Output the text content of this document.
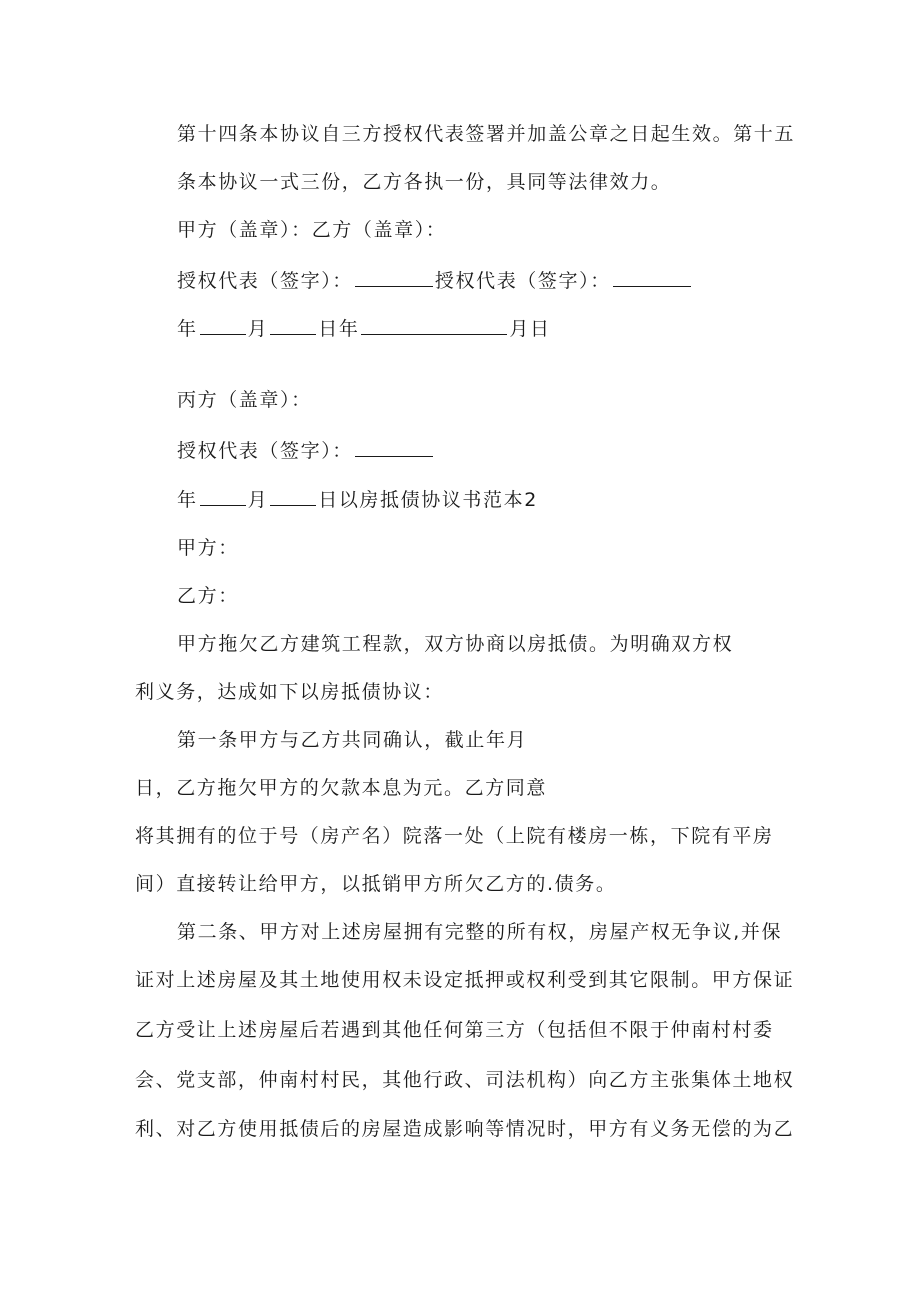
第十四条本协议自三方授权代表签署并加盖公章之日起生效。第十五
条本协议一式三份，乙方各执一份，具同等法律效力。
甲方（盖章）：乙方（盖章）：
授权代表（签字）：	授权代表（签字）：
年	月	日年	月日
丙方（盖章）：
授权代表（签字）：
年	月	日以房抵债协议书范本2
甲方：
乙方：
甲方拖欠乙方建筑工程款，双方协商以房抵债。为明确双方权
利义务，达成如下以房抵债协议：
第一条甲方与乙方共同确认，截止年月
日，乙方拖欠甲方的欠款本息为元。乙方同意
将其拥有的位于号（房产名）院落一处（上院有楼房一栋，下院有平房
间）直接转让给甲方，以抵销甲方所欠乙方的.债务。
第二条、甲方对上述房屋拥有完整的所有权，房屋产权无争议,并保
证对上述房屋及其土地使用权未设定抵押或权利受到其它限制。甲方保证
乙方受让上述房屋后若遇到其他任何第三方（包括但不限于仲南村村委
会、党支部，仲南村村民，其他行政、司法机构）向乙方主张集体土地权
利、对乙方使用抵债后的房屋造成影响等情况时，甲方有义务无偿的为乙
